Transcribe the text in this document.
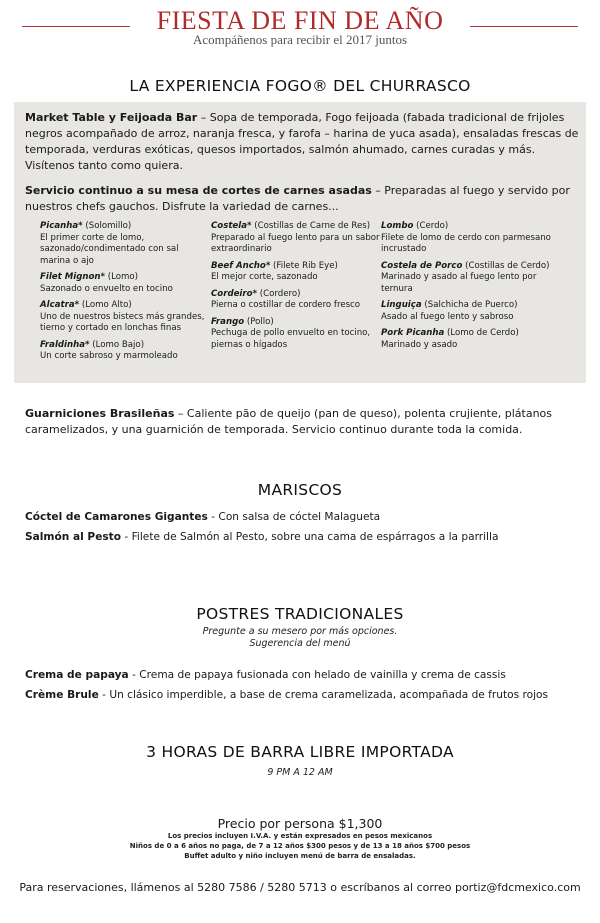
FIESTA DE FIN DE AÑO
Acompáñenos para recibir el 2017 juntos
LA EXPERIENCIA FOGO® DEL CHURRASCO
Market Table y Feijoada Bar – Sopa de temporada, Fogo feijoada (fabada tradicional de frijoles negros acompañado de arroz, naranja fresca, y farofa – harina de yuca asada), ensaladas frescas de temporada, verduras exóticas, quesos importados, salmón ahumado, carnes curadas y más. Visítenos tanto como quiera.
Servicio continuo a su mesa de cortes de carnes asadas – Preparadas al fuego y servido por nuestros chefs gauchos. Disfrute la variedad de carnes...
Picanha* (Solomillo)
El primer corte de lomo, sazonado/condimentado con sal marina o ajo
Filet Mignon* (Lomo)
Sazonado o envuelto en tocino
Alcatra* (Lomo Alto)
Uno de nuestros bistecs más grandes, tierno y cortado en lonchas finas
Fraldinha* (Lomo Bajo)
Un corte sabroso y marmoleado
Costela* (Costillas de Carne de Res)
Preparado al fuego lento para un sabor extraordinario
Beef Ancho* (Filete Rib Eye)
El mejor corte, sazonado
Cordeiro* (Cordero)
Pierna o costillar de cordero fresco
Frango (Pollo)
Pechuga de pollo envuelto en tocino, piernas o hígados
Lombo (Cerdo)
Filete de lomo de cerdo con parmesano incrustado
Costela de Porco (Costillas de Cerdo)
Marinado y asado al fuego lento por ternura
Linguiça (Salchicha de Puerco)
Asado al fuego lento y sabroso
Pork Picanha (Lomo de Cerdo)
Marinado y asado
Guarniciones Brasileñas – Caliente pão de queijo (pan de queso), polenta crujiente, plátanos caramelizados, y una guarnición de temporada. Servicio continuo durante toda la comida.
MARISCOS
Cóctel de Camarones Gigantes - Con salsa de cóctel Malagueta
Salmón al Pesto - Filete de Salmón al Pesto, sobre una cama de espárragos a la parrilla
POSTRES TRADICIONALES
Pregunte a su mesero por más opciones.
Sugerencia del menú
Crema de papaya - Crema de papaya fusionada con helado de vainilla y crema de cassis
Crème Brule - Un clásico imperdible, a base de crema caramelizada, acompañada de frutos rojos
3 HORAS DE BARRA LIBRE IMPORTADA
9 PM A 12 AM
Precio por persona $1,300
Los precios incluyen I.V.A. y están expresados en pesos mexicanos
Niños de 0 a 6 años no paga, de 7 a 12 años $300 pesos y de 13 a 18 años $700 pesos
Buffet adulto y niño incluyen menú de barra de ensaladas.
Para reservaciones, llámenos al 5280 7586 / 5280 5713 o escríbanos al correo portiz@fdcmexico.com
